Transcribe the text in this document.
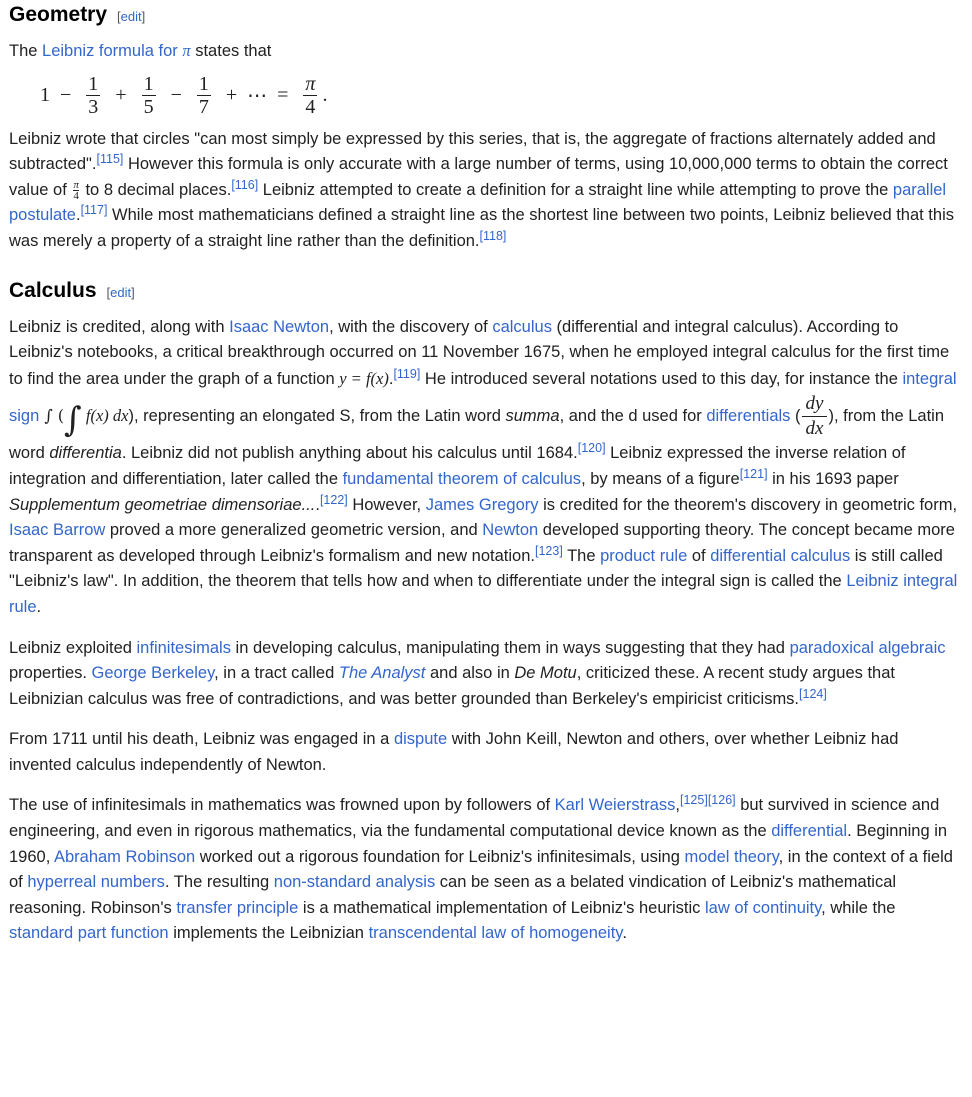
Geometry [edit]

The Leibniz formula for π states that

$1 - \frac{1}{3} + \frac{1}{5} - \frac{1}{7}$ + ⋯ = $\frac{\pi}{4}$ .

Leibniz wrote that circles "can most simply be expressed by this series, that is, the aggregate of fractions alternately added and subtracted".[115] However this formula is only accurate with a large number of terms, using 10,000,000 terms to obtain the correct value of $\frac{\pi}{4}$ to 8 decimal places.[116] Leibniz attempted to create a definition for a straight line while attempting to prove the parallel postulate.[117] While most mathematicians defined a straight line as the shortest line between two points, Leibniz believed that this was merely a property of a straight line rather than the definition.[118]

Calculus [edit]

Leibniz is credited, along with Isaac Newton, with the discovery of calculus (differential and integral calculus). According to Leibniz's notebooks, a critical breakthrough occurred on 11 November 1675, when he employed integral calculus for the first time to find the area under the graph of a function y = f(x).[119] He introduced several notations used to this day, for instance the integral sign ∫ (∫ f(x) dx), representing an elongated S, from the Latin word summa, and the d used for differentials ( $\frac{dy}{dx}$ ), from the Latin word differentia. Leibniz did not publish anything about his calculus until 1684.[120] Leibniz expressed the inverse relation of integration and differentiation, later called the fundamental theorem of calculus, by means of a figure[121] in his 1693 paper Supplementum geometriae dimensoriae....[122] However, James Gregory is credited for the theorem's discovery in geometric form, Isaac Barrow proved a more generalized geometric version, and Newton developed supporting theory. The concept became more transparent as developed through Leibniz's formalism and new notation.[123] The product rule of differential calculus is still called "Leibniz's law". In addition, the theorem that tells how and when to differentiate under the integral sign is called the Leibniz integral rule.

Leibniz exploited infinitesimals in developing calculus, manipulating them in ways suggesting that they had paradoxical algebraic properties. George Berkeley, in a tract called The Analyst and also in De Motu, criticized these. A recent study argues that Leibnizian calculus was free of contradictions, and was better grounded than Berkeley's empiricist criticisms.[124]

From 1711 until his death, Leibniz was engaged in a dispute with John Keill, Newton and others, over whether Leibniz had invented calculus independently of Newton.

The use of infinitesimals in mathematics was frowned upon by followers of Karl Weierstrass,[125][126] but survived in science and engineering, and even in rigorous mathematics, via the fundamental computational device known as the differential. Beginning in 1960, Abraham Robinson worked out a rigorous foundation for Leibniz's infinitesimals, using model theory, in the context of a field of hyperreal numbers. The resulting non-standard analysis can be seen as a belated vindication of Leibniz's mathematical reasoning. Robinson's transfer principle is a mathematical implementation of Leibniz's heuristic law of continuity, while the standard part function implements the Leibnizian transcendental law of homogeneity.
